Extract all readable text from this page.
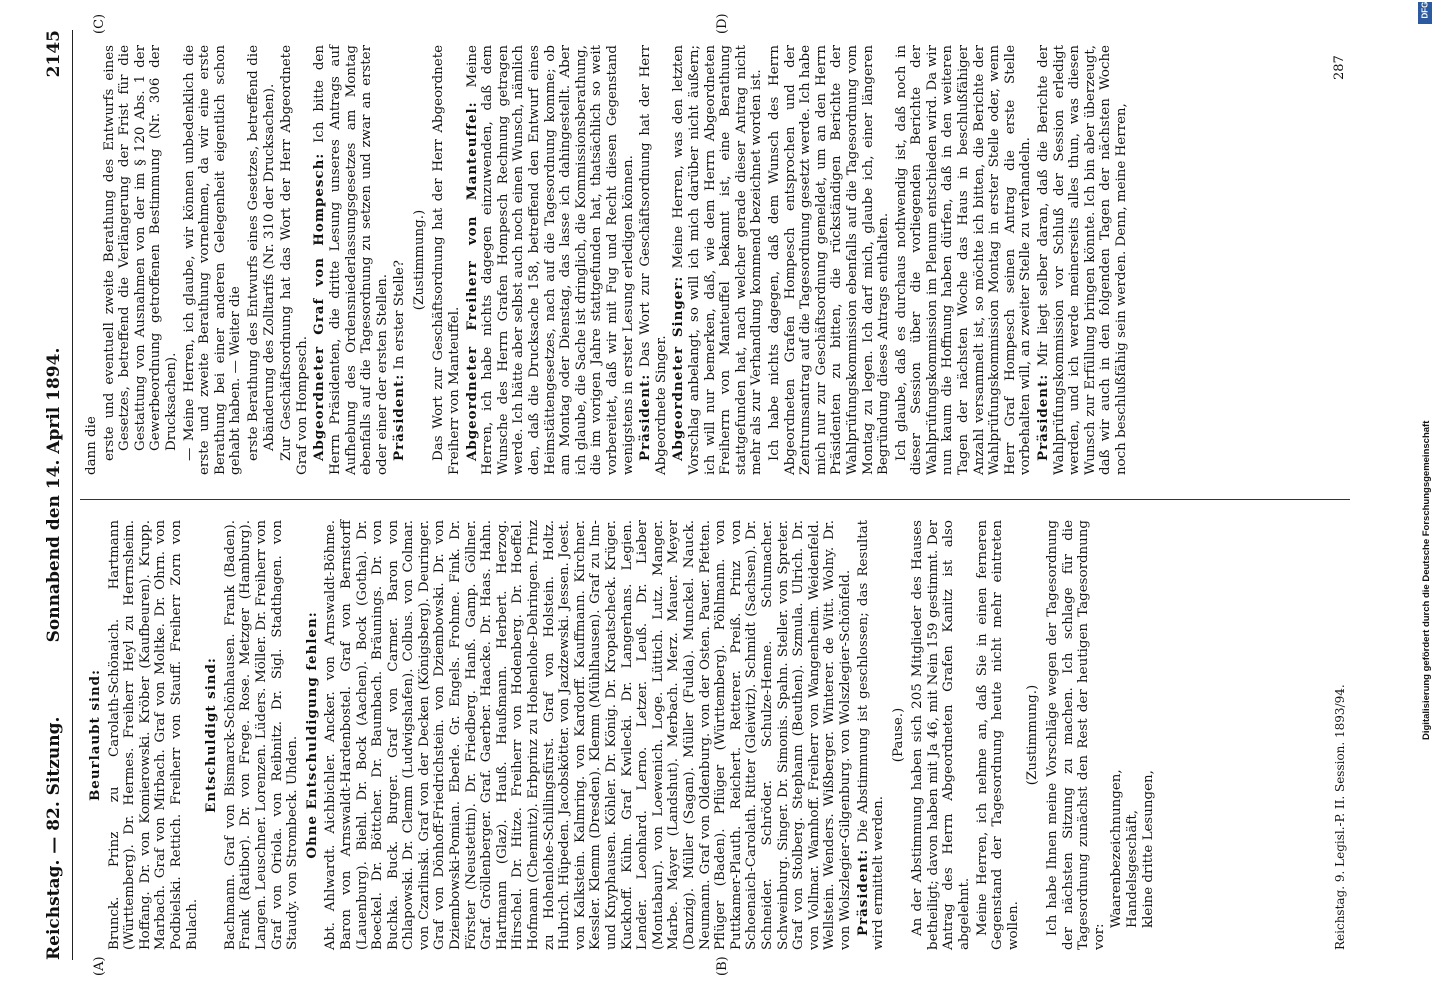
Reichstag. — 82. Sitzung.
Sonnabend den 14. April 1894.
2145
(A)	(B)
(C)	(D)

Beurlaubt sind: Brunck. Prinz zu Carolath-Schönaich. Hartmann (Württemberg). Dr. Hermes. Freiherr Heyl zu Herrnsheim. Hoffang. Dr. von Komierowski. Kröber (Kaufbeuren). Krupp. Marbach. Graf von Mirbach. Graf von Moltke. Dr. Ohrn. von Podbielski. Rettich. Freiherr von Stauff. Freiherr Zorn von Bulach.

Entschuldigt sind: Bachmann. Graf von Bismarck-Schönhausen. Frank (Baden). Frank (Ratibor). Dr. von Frege. Rose. Metzger (Hamburg). Langen. Leuschner. Lorenzen. Lüders. Möller. Dr. Freiherr von Graf von Oriola. von Reibnitz. Dr. Sigl. Stadthagen. von Staudy. von Strombeck. Uhden. Ohne Entschuldigung fehlen: Abt. Ahlwardt. Aichbichler. Ancker. von Arnswaldt-Böhme. Baron von Arnswaldt-Hardenbostel. Graf von Bernstorff (Lauenburg). Biehl. Dr. Bock (Aachen). Bock (Gotha). Dr. Boeckel. Dr. Böttcher. Dr. Baumbach. Bräunings. Dr. von Buchka. Buck. Burger. Graf von Carmer. Baron von Chlapowski. Dr. Clemm (Ludwigshafen). Colbus. von Colmar. von Czarlinski. Graf von der Decken (Königsberg). Deuringer. Graf von Dönhoff-Friedrichstein. von Dziembowski. Dr. von Dziembowski-Pomian. Eberle. Gr. Engels. Frohme. Fink. Dr. Förster (Neustettin). Dr. Friedberg. Hanß. Gamp. Göllner. Graf. Gröllenberger. Graf. Gaerber. Haacke. Dr. Haas. Hahn. Hartmann (Glaz). Hauß. Haußmann. Herbert. Herzog. Hirschel. Dr. Hitze. Freiherr von Hodenberg. Dr. Hoeffel. Hofmann (Chemnitz). Erbprinz zu Hohenlohe-Dehringen. Prinz zu Hohenlohe-Schillingsfürst. Graf von Holstein. Holtz. Hubrich. Hüpeden. Jacobskötter. von Jazdzewski. Jessen. Joest. von Kalkstein. Kalmring. von Kardorff. Kauffmann. Kirchner. Kessler. Klemm (Dresden). Klemm (Mühlhausen). Graf zu Inn- und Knyphausen. Köhler. Dr. König. Dr. Kropatscheck. Krüger. Kuckhoff. Kühn. Graf Kwilecki. Dr. Langerhans. Legien. Lender. Leonhard. Lerno. Letzer. Leuß. Dr. Lieber (Montabaur). von Loewenich. Loge. Lüttich. Lutz. Manger. Marbe. Mayer (Landshut). Merbach. Merz. Mauer. Meyer (Danzig). Müller (Sagan). Müller (Fulda). Munckel. Nauck. Neumann. Graf von Oldenburg. von der Osten. Pauer. Pfetten. Pflüger (Baden). Pflüger (Württemberg). Pöhlmann. von Puttkamer-Plauth. Reichert. Retterer. Preiß. Prinz von Schoenaich-Carolath. Ritter (Gleiwitz). Schmidt (Sachsen). Dr. Schneider. Schröder. Schulze-Henne. Schumacher. Schweinburg. Singer. Dr. Simonis. Spahn. Steller. von Spreter. Graf von Stolberg. Stephann (Beuthen). Szmula. Ulrich. Dr. von Vollmar. Wamhoff. Freiherr von Wangenheim. Weidenfeld. Wellstein. Wenders. Wißberger. Winterer. de Witt. Wolny. Dr. von Wolszlegier-Gilgenburg. von Wolszlegier-Schönfeld. Präsident: Die Abstimmung ist geschlossen; das Resultat wird ermittelt werden.

(Pause.) An der Abstimmung haben sich 205 Mitglieder des Hauses betheiligt; davon haben mit Ja 46, mit Nein 159 gestimmt. Der Antrag des Herrn Abgeordneten Grafen Kanitz ist also abgelehnt. Meine Herren, ich nehme an, daß Sie in einen ferneren Gegenstand der Tagesordnung heute nicht mehr eintreten wollen.

(Zustimmung.) Ich habe Ihnen meine Vorschläge wegen der Tagesordnung der nächsten Sitzung zu machen. Ich schlage für die Tagesordnung zunächst den Rest der heutigen Tagesordnung vor:

Waarenbezeichnungen, Handelsgeschäft, kleine dritte Lesungen,

dann die erste und eventuell zweite Berathung des Entwurfs eines Gesetzes, betreffend die Verlängerung der Frist für die Gestattung von Ausnahmen von der im § 120 Abs. 1 der Gewerbeordnung getroffenen Bestimmung (Nr. 306 der Drucksachen). — Meine Herren, ich glaube, wir können unbedenklich die erste und zweite Berathung vornehmen, da wir eine erste Berathung bei einer anderen Gelegenheit eigentlich schon gehabt haben. — Weiter die erste Berathung des Entwurfs eines Gesetzes, betreffend die Abänderung des Zolltarifs (Nr. 310 der Drucksachen). Zur Geschäftsordnung hat das Wort der Herr Abgeordnete Graf von Hompesch. Abgeordneter Graf von Hompesch: Ich bitte den Herrn Präsidenten, die dritte Lesung unseres Antrags auf Aufhebung des Ordensniederlassungsgesetzes am Montag ebenfalls auf die Tagesordnung zu setzen und zwar an erster oder einer der ersten Stellen. Präsident: In erster Stelle?

(Zustimmung.) Das Wort zur Geschäftsordnung hat der Herr Abgeordnete Freiherr von Manteuffel. Abgeordneter Freiherr von Manteuffel: Meine Herren, ich habe nichts dagegen einzuwenden, daß dem Wunsche des Herrn Grafen Hompesch Rechnung getragen werde. Ich hätte aber selbst auch noch einen Wunsch, nämlich den, daß die Drucksache 158, betreffend den Entwurf eines Heimstättengesetzes, nach auf die Tagesordnung komme; ob am Montag oder Dienstag, das lasse ich dahingestellt. Aber ich glaube, die Sache ist dringlich, die Kommissionsberathung, die im vorigen Jahre stattgefunden hat, thatsächlich so weit vorbereitet, daß wir mit Fug und Recht diesen Gegenstand wenigstens in erster Lesung erledigen können. Präsident: Das Wort zur Geschäftsordnung hat der Herr Abgeordnete Singer. Abgeordneter Singer: Meine Herren, was den letzten Vorschlag anbelangt, so will ich mich darüber nicht äußern; ich will nur bemerken, daß, wie dem Herrn Abgeordneten Freiherrn von Manteuffel bekannt ist, eine Berathung stattgefunden hat, nach welcher gerade dieser Antrag nicht mehr als zur Verhandlung kommend bezeichnet worden ist. Ich habe nichts dagegen, daß dem Wunsch des Herrn Abgeordneten Grafen Hompesch entsprochen und der Zentrumsantrag auf die Tagesordnung gesetzt werde. Ich habe mich nur zur Geschäftsordnung gemeldet, um an den Herrn Präsidenten zu bitten, die rückständigen Berichte der Wahlprüfungskommission ebenfalls auf die Tagesordnung vom Montag zu legen. Ich darf mich, glaube ich, einer längeren Begründung dieses Antrags enthalten. Ich glaube, daß es durchaus nothwendig ist, daß noch in dieser Session über die vorliegenden Berichte der Wahlprüfungskommission im Plenum entschieden wird. Da wir nun kaum die Hoffnung haben dürfen, daß in den weiteren Tagen der nächsten Woche das Haus in beschlußfähiger Anzahl versammelt ist, so möchte ich bitten, die Berichte der Wahlprüfungskommission Montag in erster Stelle oder, wenn Herr Graf Hompesch seinen Antrag die erste Stelle vorbehalten will, an zweiter Stelle zu verhandeln. Präsident: Mir liegt selber daran, daß die Berichte der Wahlprüfungskommission vor Schluß der Session erledigt werden, und ich werde meinerseits alles thun, was diesen Wunsch zur Erfüllung bringen könnte. Ich bin aber überzeugt, daß wir auch in den folgenden Tagen der nächsten Woche noch beschlußfähig sein werden. Denn, meine Herren,

Reichstag. 9. Legisl.-P. II. Session. 1893/94.
287
DFG
Digitalisierung gefördert durch die Deutsche Forschungsgemeinschaft
